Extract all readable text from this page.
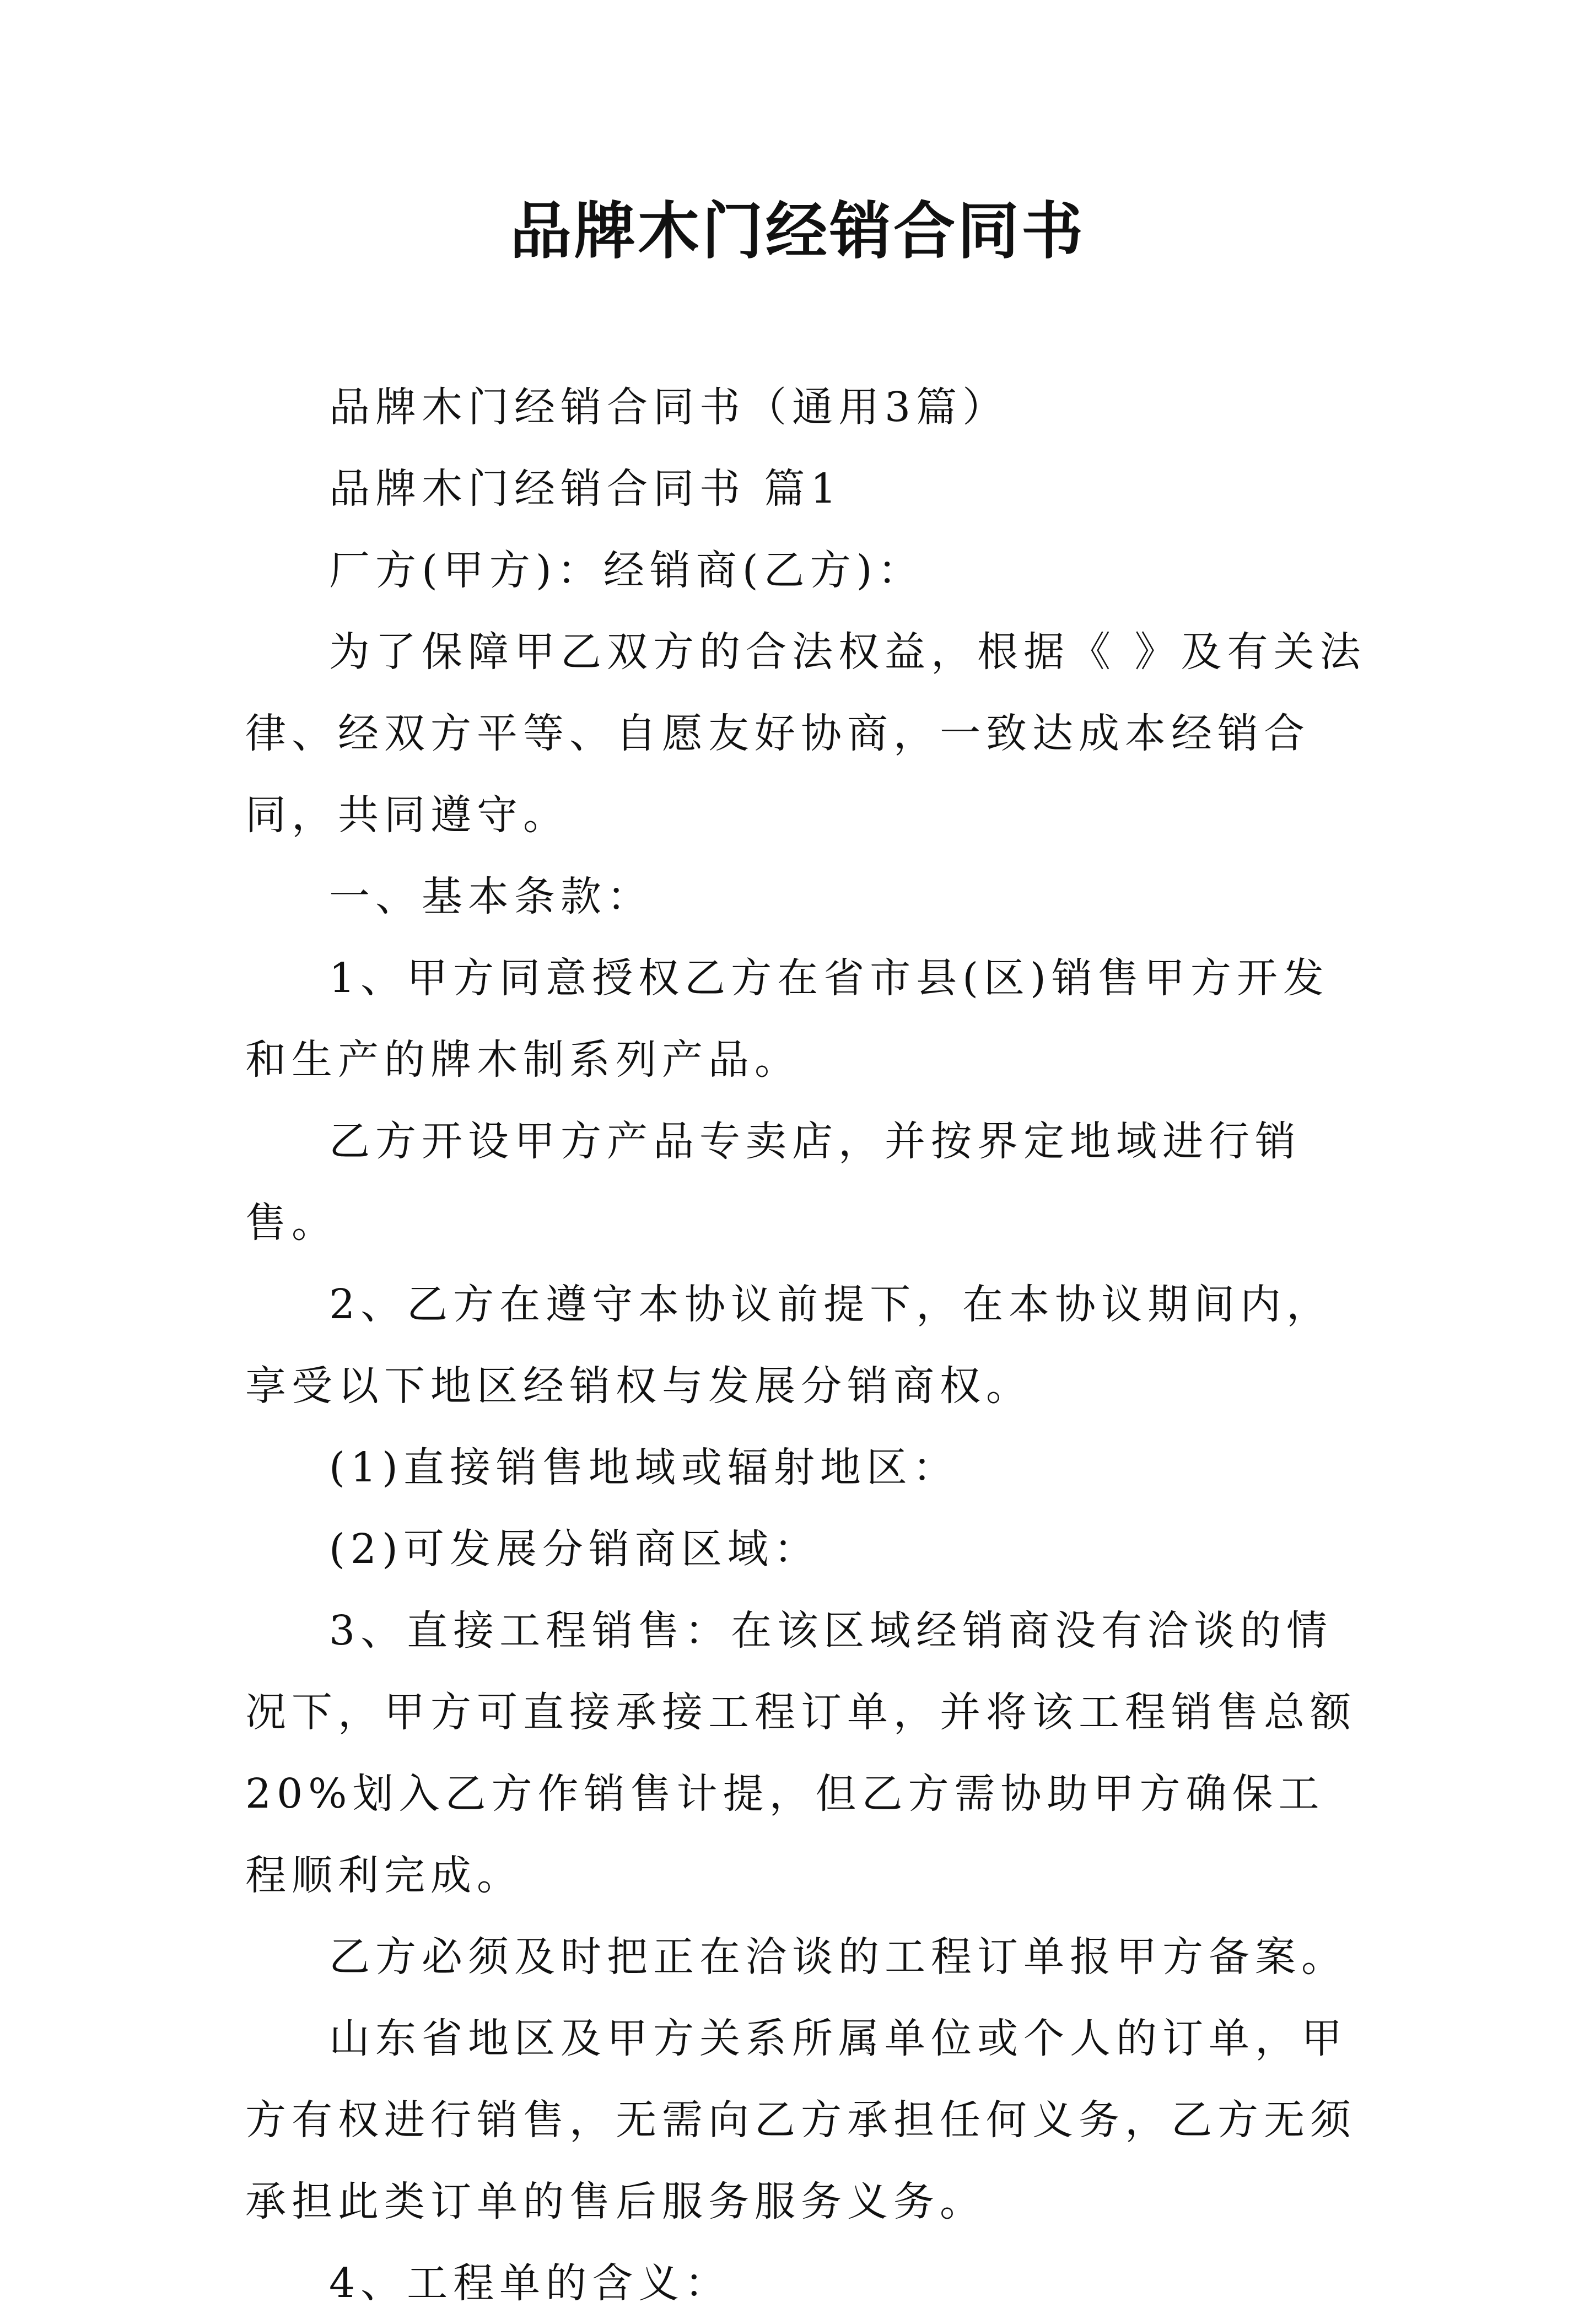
品牌木门经销合同书

品牌木门经销合同书（通用3篇）

品牌木门经销合同书 篇1

厂方(甲方)：经销商(乙方)：

为了保障甲乙双方的合法权益，根据《 》及有关法律、经双方平等、自愿友好协商，一致达成本经销合同，共同遵守。

一、基本条款：

1、甲方同意授权乙方在省市县(区)销售甲方开发和生产的牌木制系列产品。

乙方开设甲方产品专卖店，并按界定地域进行销售。

2、乙方在遵守本协议前提下，在本协议期间内，享受以下地区经销权与发展分销商权。

(1)直接销售地域或辐射地区：

(2)可发展分销商区域：

3、直接工程销售：在该区域经销商没有洽谈的情况下，甲方可直接承接工程订单，并将该工程销售总额20%划入乙方作销售计提，但乙方需协助甲方确保工程顺利完成。

乙方必须及时把正在洽谈的工程订单报甲方备案。

山东省地区及甲方关系所属单位或个人的订单，甲方有权进行销售，无需向乙方承担任何义务，乙方无须承担此类订单的售后服务服务义务。

4、工程单的含义：
